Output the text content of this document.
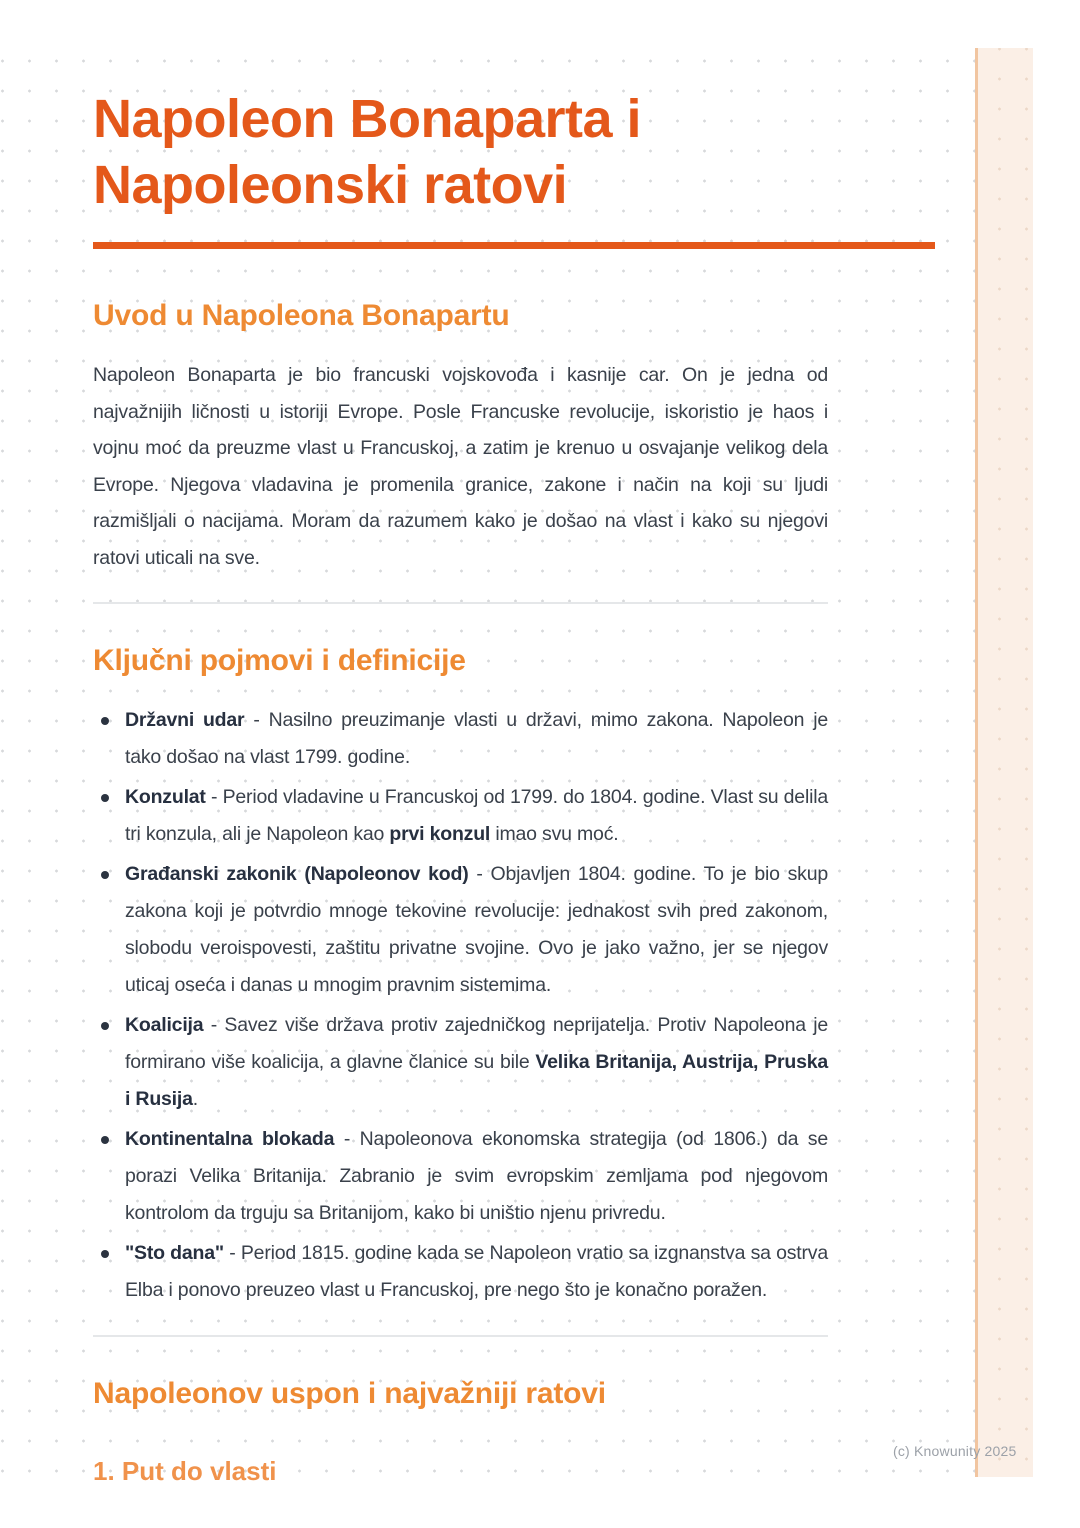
Napoleon Bonaparta i
Napoleonski ratovi
Uvod u Napoleona Bonapartu

Napoleon Bonaparta je bio francuski vojskovođa i kasnije car. On je jedna od najvažnijih ličnosti u istoriji Evrope. Posle Francuske revolucije, iskoristio je haos i vojnu moć da preuzme vlast u Francuskoj, a zatim je krenuo u osvajanje velikog dela Evrope. Njegova vladavina je promenila granice, zakone i način na koji su ljudi razmišljali o nacijama. Moram da razumem kako je došao na vlast i kako su njegovi ratovi uticali na sve.

Ključni pojmovi i definicije
Državni udar - Nasilno preuzimanje vlasti u državi, mimo zakona. Napoleon je tako došao na vlast 1799. godine.
Konzulat - Period vladavine u Francuskoj od 1799. do 1804. godine. Vlast su delila tri konzula, ali je Napoleon kao prvi konzul imao svu moć.
Građanski zakonik (Napoleonov kod) - Objavljen 1804. godine. To je bio skup zakona koji je potvrdio mnoge tekovine revolucije: jednakost svih pred zakonom, slobodu veroispovesti, zaštitu privatne svojine. Ovo je jako važno, jer se njegov uticaj oseća i danas u mnogim pravnim sistemima.
Koalicija - Savez više država protiv zajedničkog neprijatelja. Protiv Napoleona je formirano više koalicija, a glavne članice su bile Velika Britanija, Austrija, Pruska i Rusija.
Kontinentalna blokada - Napoleonova ekonomska strategija (od 1806.) da se porazi Velika Britanija. Zabranio je svim evropskim zemljama pod njegovom kontrolom da trguju sa Britanijom, kako bi uništio njenu privredu.
"Sto dana" - Period 1815. godine kada se Napoleon vratio sa izgnanstva sa ostrva Elba i ponovo preuzeo vlast u Francuskoj, pre nego što je konačno poražen.
Napoleonov uspon i najvažniji ratovi
1. Put do vlasti
(c) Knowunity 2025
